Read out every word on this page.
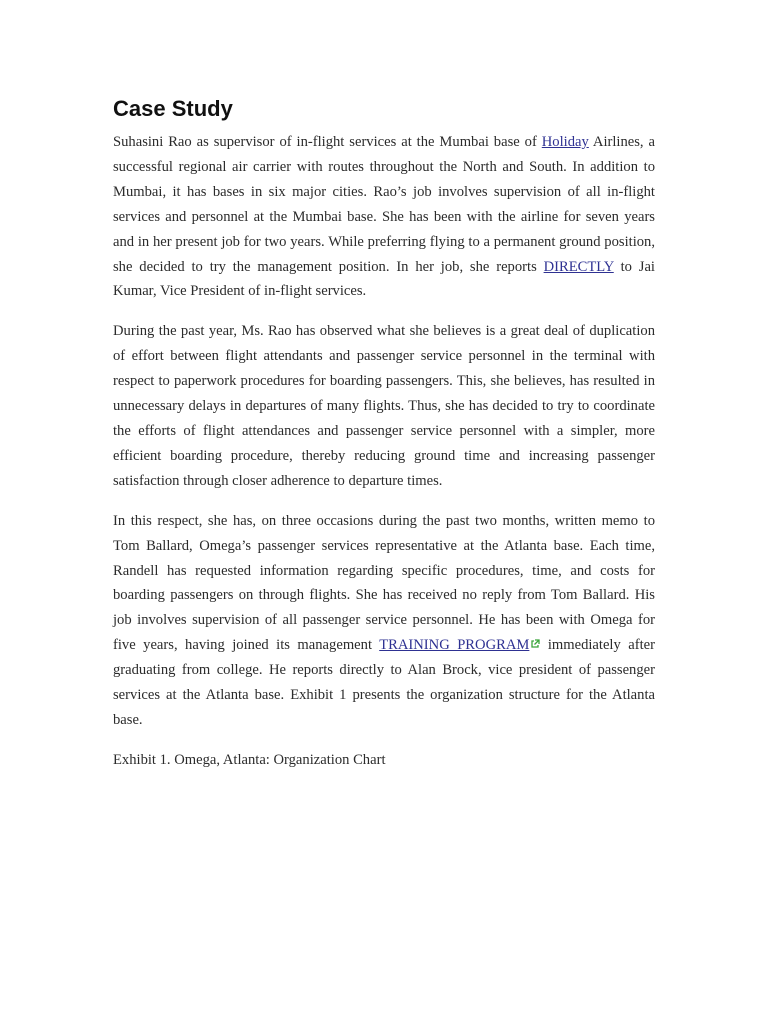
Case Study

Suhasini Rao as supervisor of in-flight services at the Mumbai base of Holiday Airlines, a successful regional air carrier with routes throughout the North and South. In addition to Mumbai, it has bases in six major cities. Rao’s job involves supervision of all in-flight services and personnel at the Mumbai base. She has been with the airline for seven years and in her present job for two years. While preferring flying to a permanent ground position, she decided to try the management position. In her job, she reports DIRECTLY to Jai Kumar, Vice President of in-flight services.

During the past year, Ms. Rao has observed what she believes is a great deal of duplication of effort between flight attendants and passenger service personnel in the terminal with respect to paperwork procedures for boarding passengers. This, she believes, has resulted in unnecessary delays in departures of many flights. Thus, she has decided to try to coordinate the efforts of flight attendances and passenger service personnel with a simpler, more efficient boarding procedure, thereby reducing ground time and increasing passenger satisfaction through closer adherence to departure times.

In this respect, she has, on three occasions during the past two months, written memo to Tom Ballard, Omega’s passenger services representative at the Atlanta base. Each time, Randell has requested information regarding specific procedures, time, and costs for boarding passengers on through flights. She has received no reply from Tom Ballard. His job involves supervision of all passenger service personnel. He has been with Omega for five years, having joined its management TRAINING PROGRAM immediately after graduating from college. He reports directly to Alan Brock, vice president of passenger services at the Atlanta base. Exhibit 1 presents the organization structure for the Atlanta base.

Exhibit 1. Omega, Atlanta: Organization Chart
